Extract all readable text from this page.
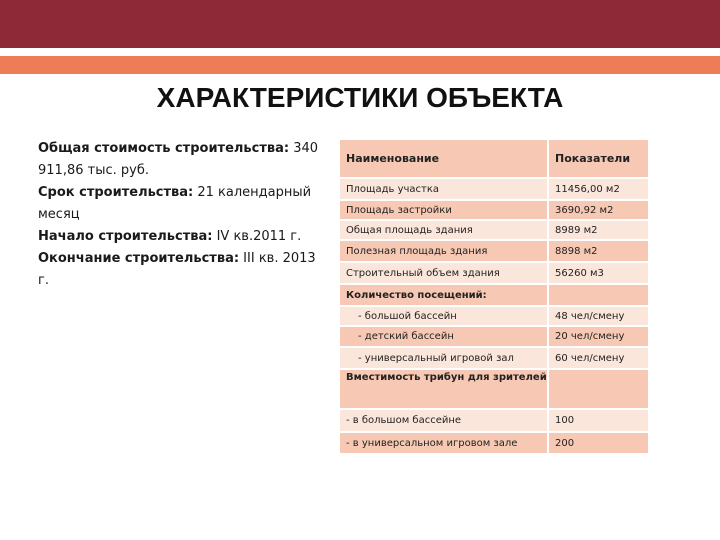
ХАРАКТЕРИСТИКИ ОБЪЕКТА

Общая стоимость строительства: 340 911,86 тыс. руб.

Срок строительства: 21 календарный месяц

Начало строительства: IV кв.2011 г.

Окончание строительства: III кв. 2013 г.

Наименование	Показатели
Площадь участка	11456,00 м2
Площадь застройки	3690,92 м2
Общая площадь здания	8989 м2
Полезная площадь здания	8898 м2
Строительный объем здания	56260 м3
Количество посещений:	
- большой бассейн	48 чел/смену
- детский бассейн	20 чел/смену
- универсальный игровой зал	60 чел/смену
Вместимость трибун для зрителей	
- в большом бассейне	100
- в универсальном игровом зале	200
